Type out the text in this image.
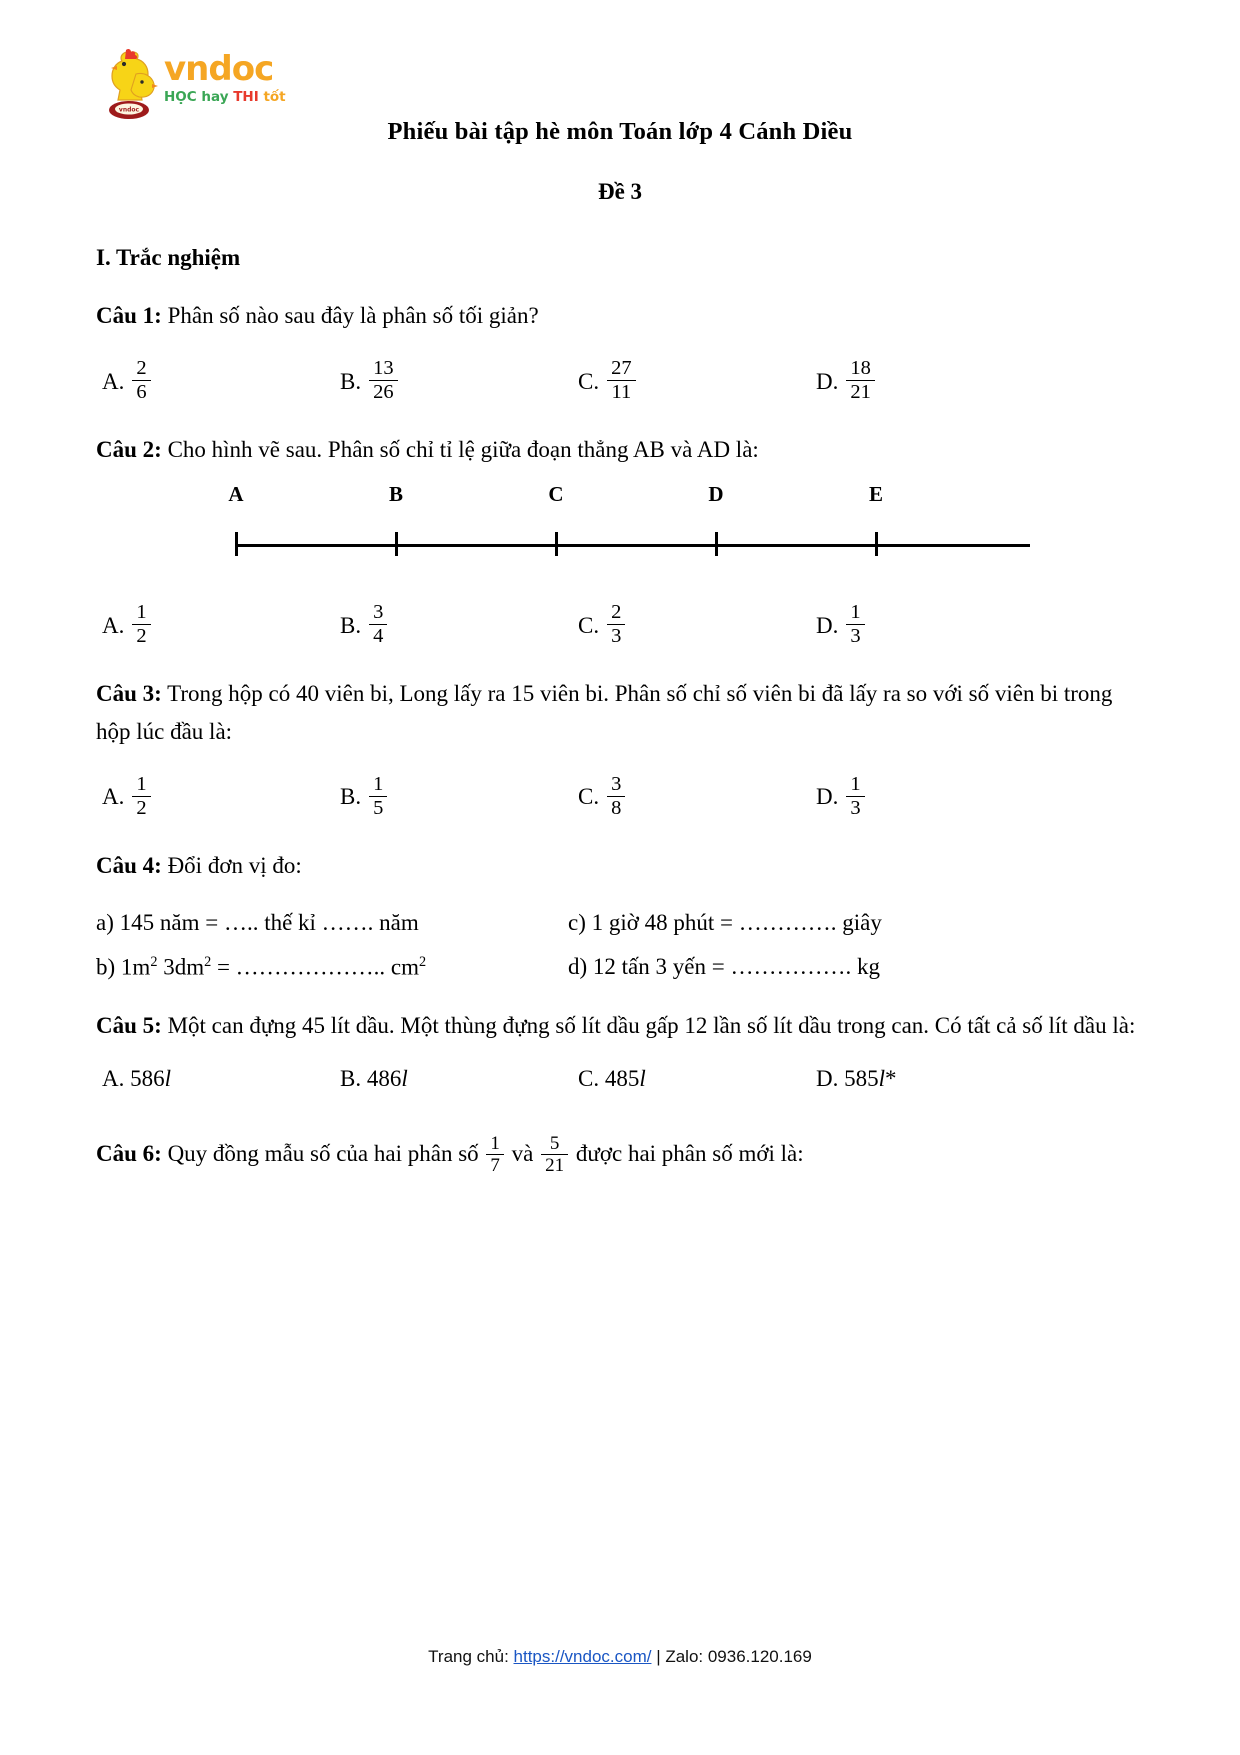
vndoc
vndoc
HỌC hay THI tốt
Phiếu bài tập hè môn Toán lớp 4 Cánh Diều
Đề 3
I. Trắc nghiệm

Câu 1: Phân số nào sau đây là phân số tối giản?

A. $\frac{2}{6}$	B. $\frac{13}{26}$	C. $\frac{27}{11}$	D. $\frac{18}{21}$

Câu 2: Cho hình vẽ sau. Phân số chỉ tỉ lệ giữa đoạn thẳng AB và AD là:

A	B	C	D	E
A. $\frac{1}{2}$	B. $\frac{3}{4}$	C. $\frac{2}{3}$	D. $\frac{1}{3}$

Câu 3: Trong hộp có 40 viên bi, Long lấy ra 15 viên bi. Phân số chỉ số viên bi đã lấy ra so với số viên bi trong hộp lúc đầu là:

A. $\frac{1}{2}$	B. $\frac{1}{5}$	C. $\frac{3}{8}$	D. $\frac{1}{3}$

Câu 4: Đổi đơn vị đo:

a) 145 năm = ….. thế kỉ ……. năm	c) 1 giờ 48 phút = …………. giây
b) $1m^2$ $3dm^2$ = ……………….. $cm^2$	d) 12 tấn 3 yến = ……………. kg

Câu 5: Một can đựng 45 lít dầu. Một thùng đựng số lít dầu gấp 12 lần số lít dầu trong can. Có tất cả số lít dầu là:

A. 586l	B. 486l	C. 485l	D. 585l*

Câu 6: Quy đồng mẫu số của hai phân số $\frac{1}{7}$ và $\frac{5}{21}$ được hai phân số mới là:

Trang chủ: https://vndoc.com/ | Zalo: 0936.120.169
